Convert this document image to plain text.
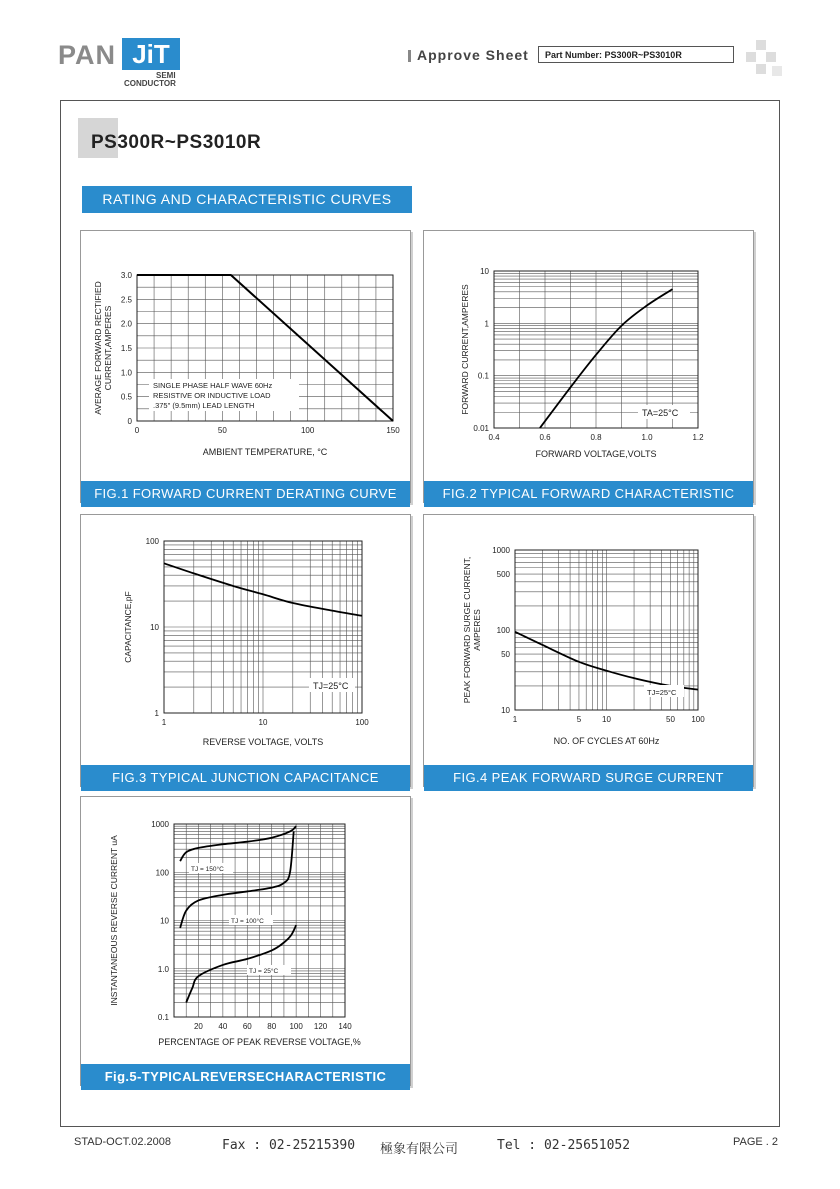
PAN JiT
SEMI
CONDUCTOR
Approve Sheet	Part Number: PS300R~PS3010R
PS300R~PS3010R
RATING AND CHARACTERISTIC CURVES
SINGLE PHASE HALF WAVE 60Hz
RESISTIVE OR INDUCTIVE LOAD
.375" (9.5mm) LEAD LENGTH
0	50	100	150
0
0.5
1.0
1.5
2.0
2.5
3.0
AMBIENT TEMPERATURE, °C
AVERAGE FORWARD RECTIFIED CURRENT,AMPERES
FIG.1 FORWARD CURRENT DERATING CURVE
TA=25°C
0.4	0.6	0.8	1.0	1.2
0.01
0.1
1
10
FORWARD VOLTAGE,VOLTS
FORWARD CURRENT,AMPERES
FIG.2 TYPICAL FORWARD CHARACTERISTIC
TJ=25°C
1	10	100
1
10
100
REVERSE VOLTAGE, VOLTS
CAPACITANCE,pF
FIG.3 TYPICAL JUNCTION CAPACITANCE
TJ=25°C
1	5	10	50 100
10
50
100
500
1000
NO. OF CYCLES AT 60Hz
PEAK FORWARD SURGE CURRENT, AMPERES
FIG.4 PEAK FORWARD SURGE CURRENT
TJ = 150°C
TJ = 100°C
TJ = 25°C
20 40 60 80 100 120 140
0.1
1.0
10
100
1000
PERCENTAGE OF PEAK REVERSE VOLTAGE,%
INSTANTANEOUS REVERSE CURRENT uA
Fig.5-TYPICALREVERSECHARACTERISTIC
STAD-OCT.02.2008	Fax : 02-25215390 極象有限公司	Tel : 02-25651052	PAGE . 2
